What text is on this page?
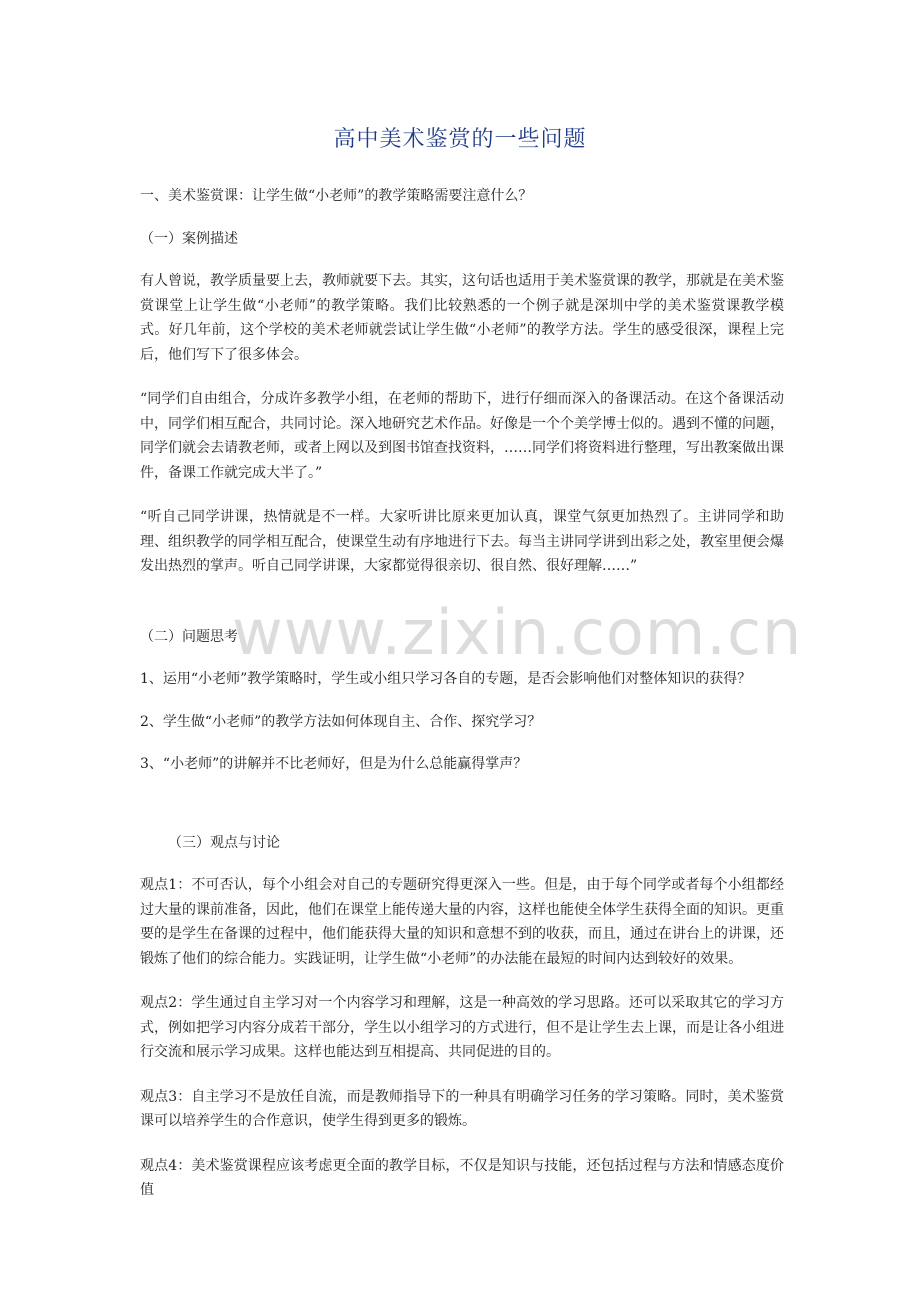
高中美术鉴赏的一些问题

一、美术鉴赏课：让学生做“小老师”的教学策略需要注意什么？

（一）案例描述

有人曾说，教学质量要上去，教师就要下去。其实，这句话也适用于美术鉴赏课的教学，那就是在美术鉴赏课堂上让学生做“小老师”的教学策略。我们比较熟悉的一个例子就是深圳中学的美术鉴赏课教学模式。好几年前，这个学校的美术老师就尝试让学生做“小老师”的教学方法。学生的感受很深，课程上完后，他们写下了很多体会。

“同学们自由组合，分成许多教学小组，在老师的帮助下，进行仔细而深入的备课活动。在这个备课活动中，同学们相互配合，共同讨论。深入地研究艺术作品。好像是一个个美学博士似的。遇到不懂的问题，同学们就会去请教老师，或者上网以及到图书馆查找资料，……同学们将资料进行整理，写出教案做出课件，备课工作就完成大半了。”

“听自己同学讲课，热情就是不一样。大家听讲比原来更加认真，课堂气氛更加热烈了。主讲同学和助理、组织教学的同学相互配合，使课堂生动有序地进行下去。每当主讲同学讲到出彩之处，教室里便会爆发出热烈的掌声。听自己同学讲课，大家都觉得很亲切、很自然、很好理解……”

（二）问题思考

1、运用“小老师”教学策略时，学生或小组只学习各自的专题，是否会影响他们对整体知识的获得？

2、学生做“小老师”的教学方法如何体现自主、合作、探究学习？

3、“小老师”的讲解并不比老师好，但是为什么总能赢得掌声？

（三）观点与讨论

观点1：不可否认，每个小组会对自己的专题研究得更深入一些。但是，由于每个同学或者每个小组都经过大量的课前准备，因此，他们在课堂上能传递大量的内容，这样也能使全体学生获得全面的知识。更重要的是学生在备课的过程中，他们能获得大量的知识和意想不到的收获，而且，通过在讲台上的讲课，还锻炼了他们的综合能力。实践证明，让学生做“小老师”的办法能在最短的时间内达到较好的效果。

观点2：学生通过自主学习对一个内容学习和理解，这是一种高效的学习思路。还可以采取其它的学习方式，例如把学习内容分成若干部分，学生以小组学习的方式进行，但不是让学生去上课，而是让各小组进行交流和展示学习成果。这样也能达到互相提高、共同促进的目的。

观点3：自主学习不是放任自流，而是教师指导下的一种具有明确学习任务的学习策略。同时，美术鉴赏课可以培养学生的合作意识，使学生得到更多的锻炼。

观点4：美术鉴赏课程应该考虑更全面的教学目标，不仅是知识与技能，还包括过程与方法和情感态度价值

www.zixin.com.cn
